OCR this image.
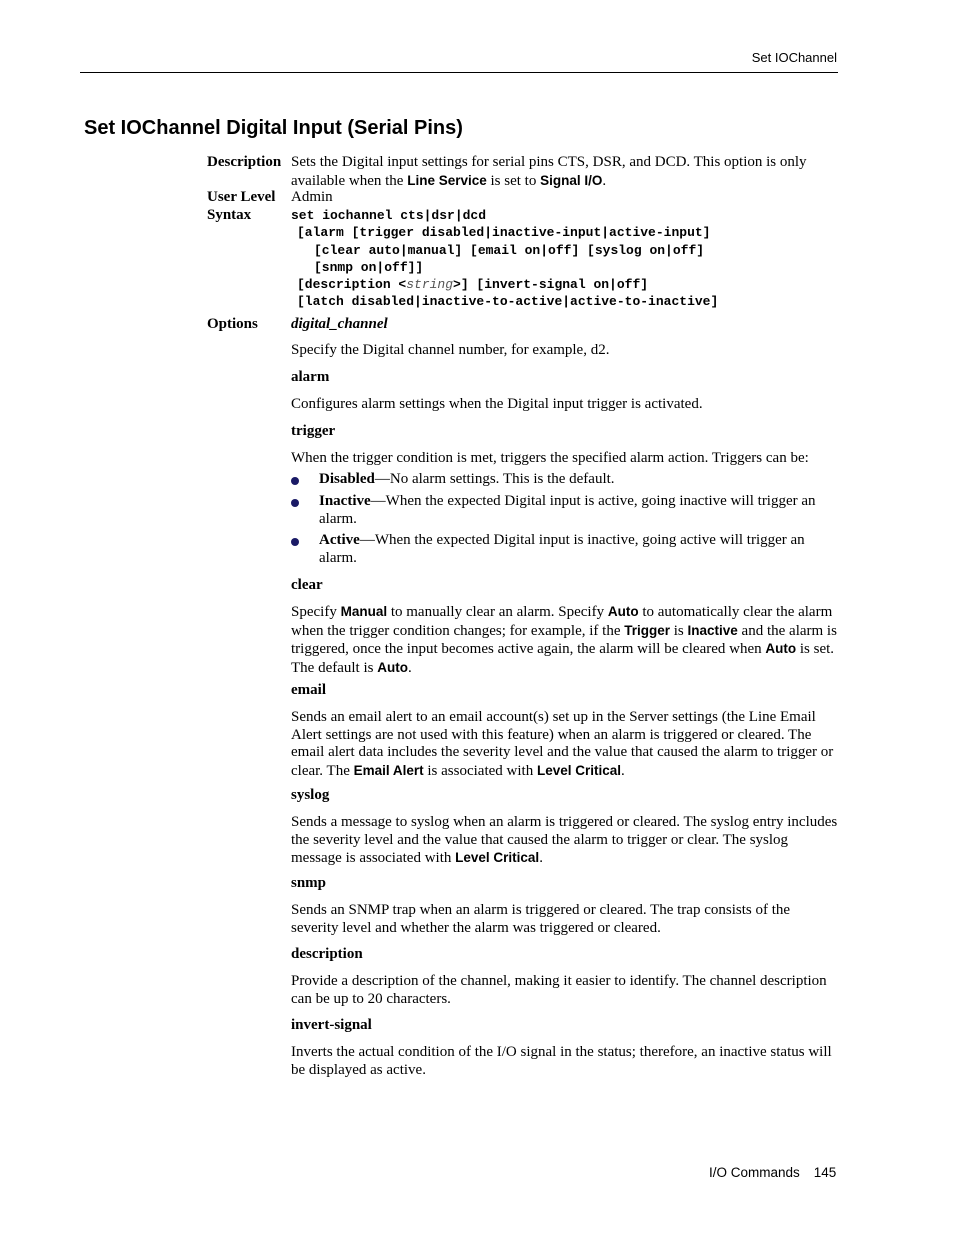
Set IOChannel
Set IOChannel Digital Input (Serial Pins)
Description Sets the Digital input settings for serial pins CTS, DSR, and DCD. This option is only available when the Line Service is set to Signal I/O.
User Level Admin
Syntax	set iochannel cts|dsr|dcd
[alarm [trigger disabled|inactive-input|active-input]
[clear auto|manual] [email on|off] [syslog on|off]
[snmp on|off]]
[description <string>] [invert-signal on|off]
[latch disabled|inactive-to-active|active-to-inactive]
Options digital_channel
Specify the Digital channel number, for example, d2.
alarm
Configures alarm settings when the Digital input trigger is activated.
trigger
When the trigger condition is met, triggers the specified alarm action. Triggers can be:
Disabled—No alarm settings. This is the default.
Inactive—When the expected Digital input is active, going inactive will trigger an alarm.
Active—When the expected Digital input is inactive, going active will trigger an alarm.
clear
Specify Manual to manually clear an alarm. Specify Auto to automatically clear the alarm when the trigger condition changes; for example, if the Trigger is Inactive and the alarm is triggered, once the input becomes active again, the alarm will be cleared when Auto is set. The default is Auto.
email
Sends an email alert to an email account(s) set up in the Server settings (the Line Email Alert settings are not used with this feature) when an alarm is triggered or cleared. The email alert data includes the severity level and the value that caused the alarm to trigger or clear. The Email Alert is associated with Level Critical.
syslog
Sends a message to syslog when an alarm is triggered or cleared. The syslog entry includes the severity level and the value that caused the alarm to trigger or clear. The syslog message is associated with Level Critical.
snmp
Sends an SNMP trap when an alarm is triggered or cleared. The trap consists of the severity level and whether the alarm was triggered or cleared.
description
Provide a description of the channel, making it easier to identify. The channel description can be up to 20 characters.
invert-signal
Inverts the actual condition of the I/O signal in the status; therefore, an inactive status will be displayed as active.
I/O Commands 145
